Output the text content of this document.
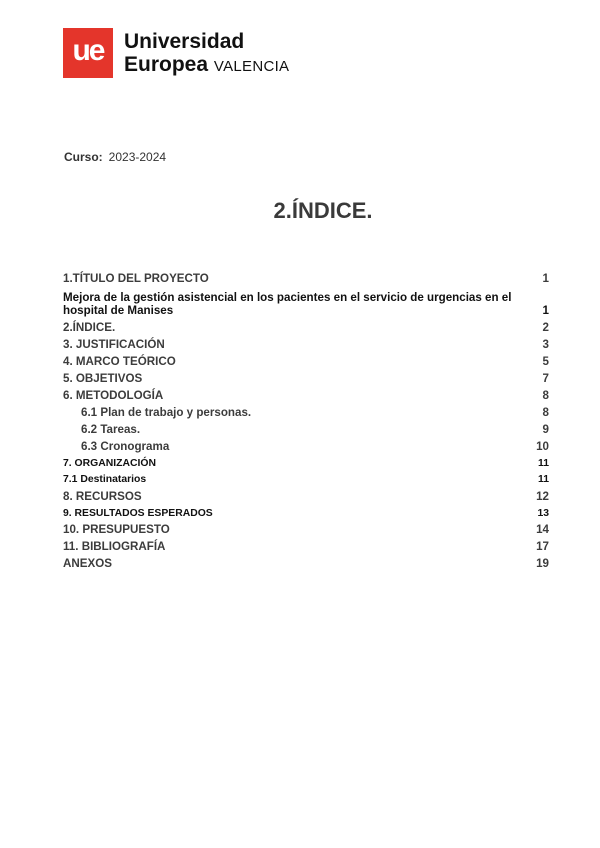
ue Universidad
Europea VALENCIA
Curso: 2023-2024
2.ÍNDICE.
1.TÍTULO DEL PROYECTO	1
Mejora de la gestión asistencial en los pacientes en el servicio de urgencias en el hospital de Manises	1
2.ÍNDICE.	2
3. JUSTIFICACIÓN	3
4. MARCO TEÓRICO	5
5. OBJETIVOS	7
6. METODOLOGÍA	8
6.1 Plan de trabajo y personas.	8
6.2 Tareas.	9
6.3 Cronograma	10
7. ORGANIZACIÓN	11
7.1 Destinatarios	11
8. RECURSOS	12
9. RESULTADOS ESPERADOS	13
10. PRESUPUESTO	14
11. BIBLIOGRAFÍA	17
ANEXOS	19
